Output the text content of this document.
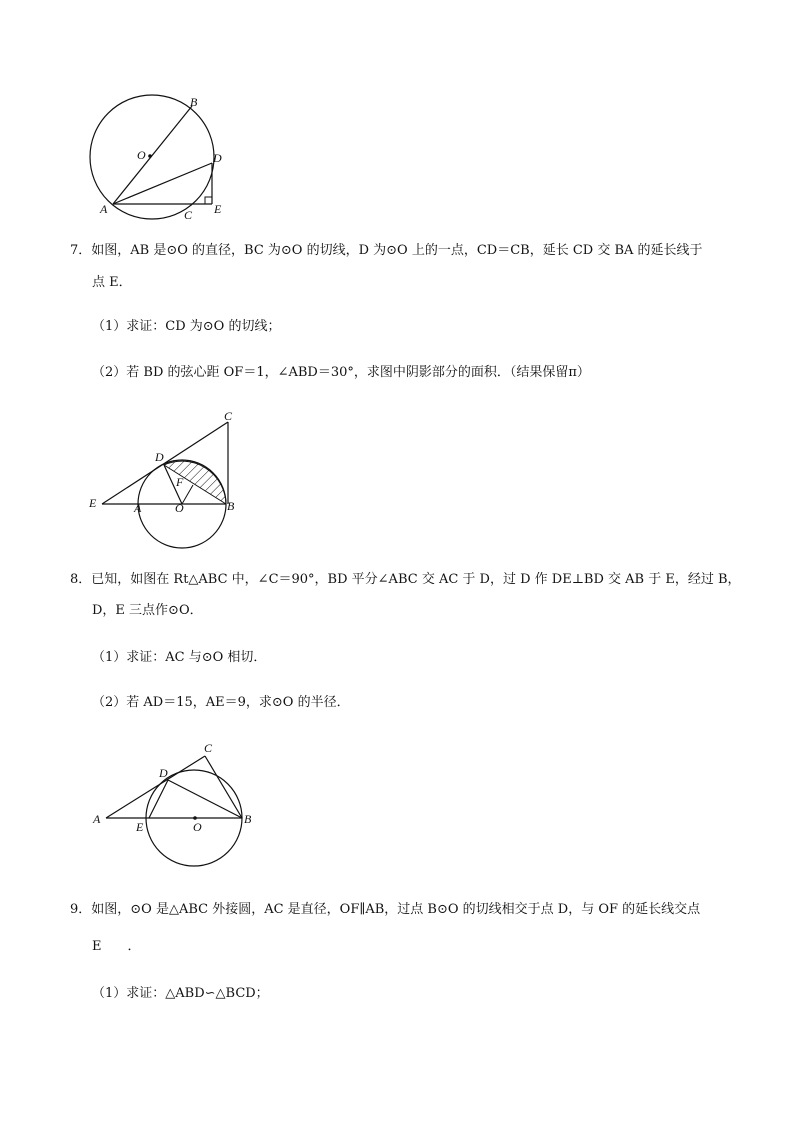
B
O	D
A	C E
7．如图，AB 是⊙O 的直径，BC 为⊙O 的切线，D 为⊙O 上的一点，CD＝CB，延长 CD 交 BA 的延长线于
点 E．
（1）求证：CD 为⊙O 的切线；
（2）若 BD 的弦心距 OF＝1，∠ABD＝30°，求图中阴影部分的面积．（结果保留π）
C
D
F
E	A	O	B
8．已知，如图在 Rt△ABC 中，∠C＝90°，BD 平分∠ABC 交 AC 于 D，过 D 作 DE⊥BD 交 AB 于 E，经过 B，
D，E 三点作⊙O．
（1）求证：AC 与⊙O 相切．
（2）若 AD＝15，AE＝9，求⊙O 的半径．
C
D
A
E	O
B
9．如图，⊙O 是△ABC 外接圆，AC 是直径，OF∥AB，过点 B⊙O 的切线相交于点 D，与 OF 的延长线交点
E　　．
（1）求证：△ABD∽△BCD；
